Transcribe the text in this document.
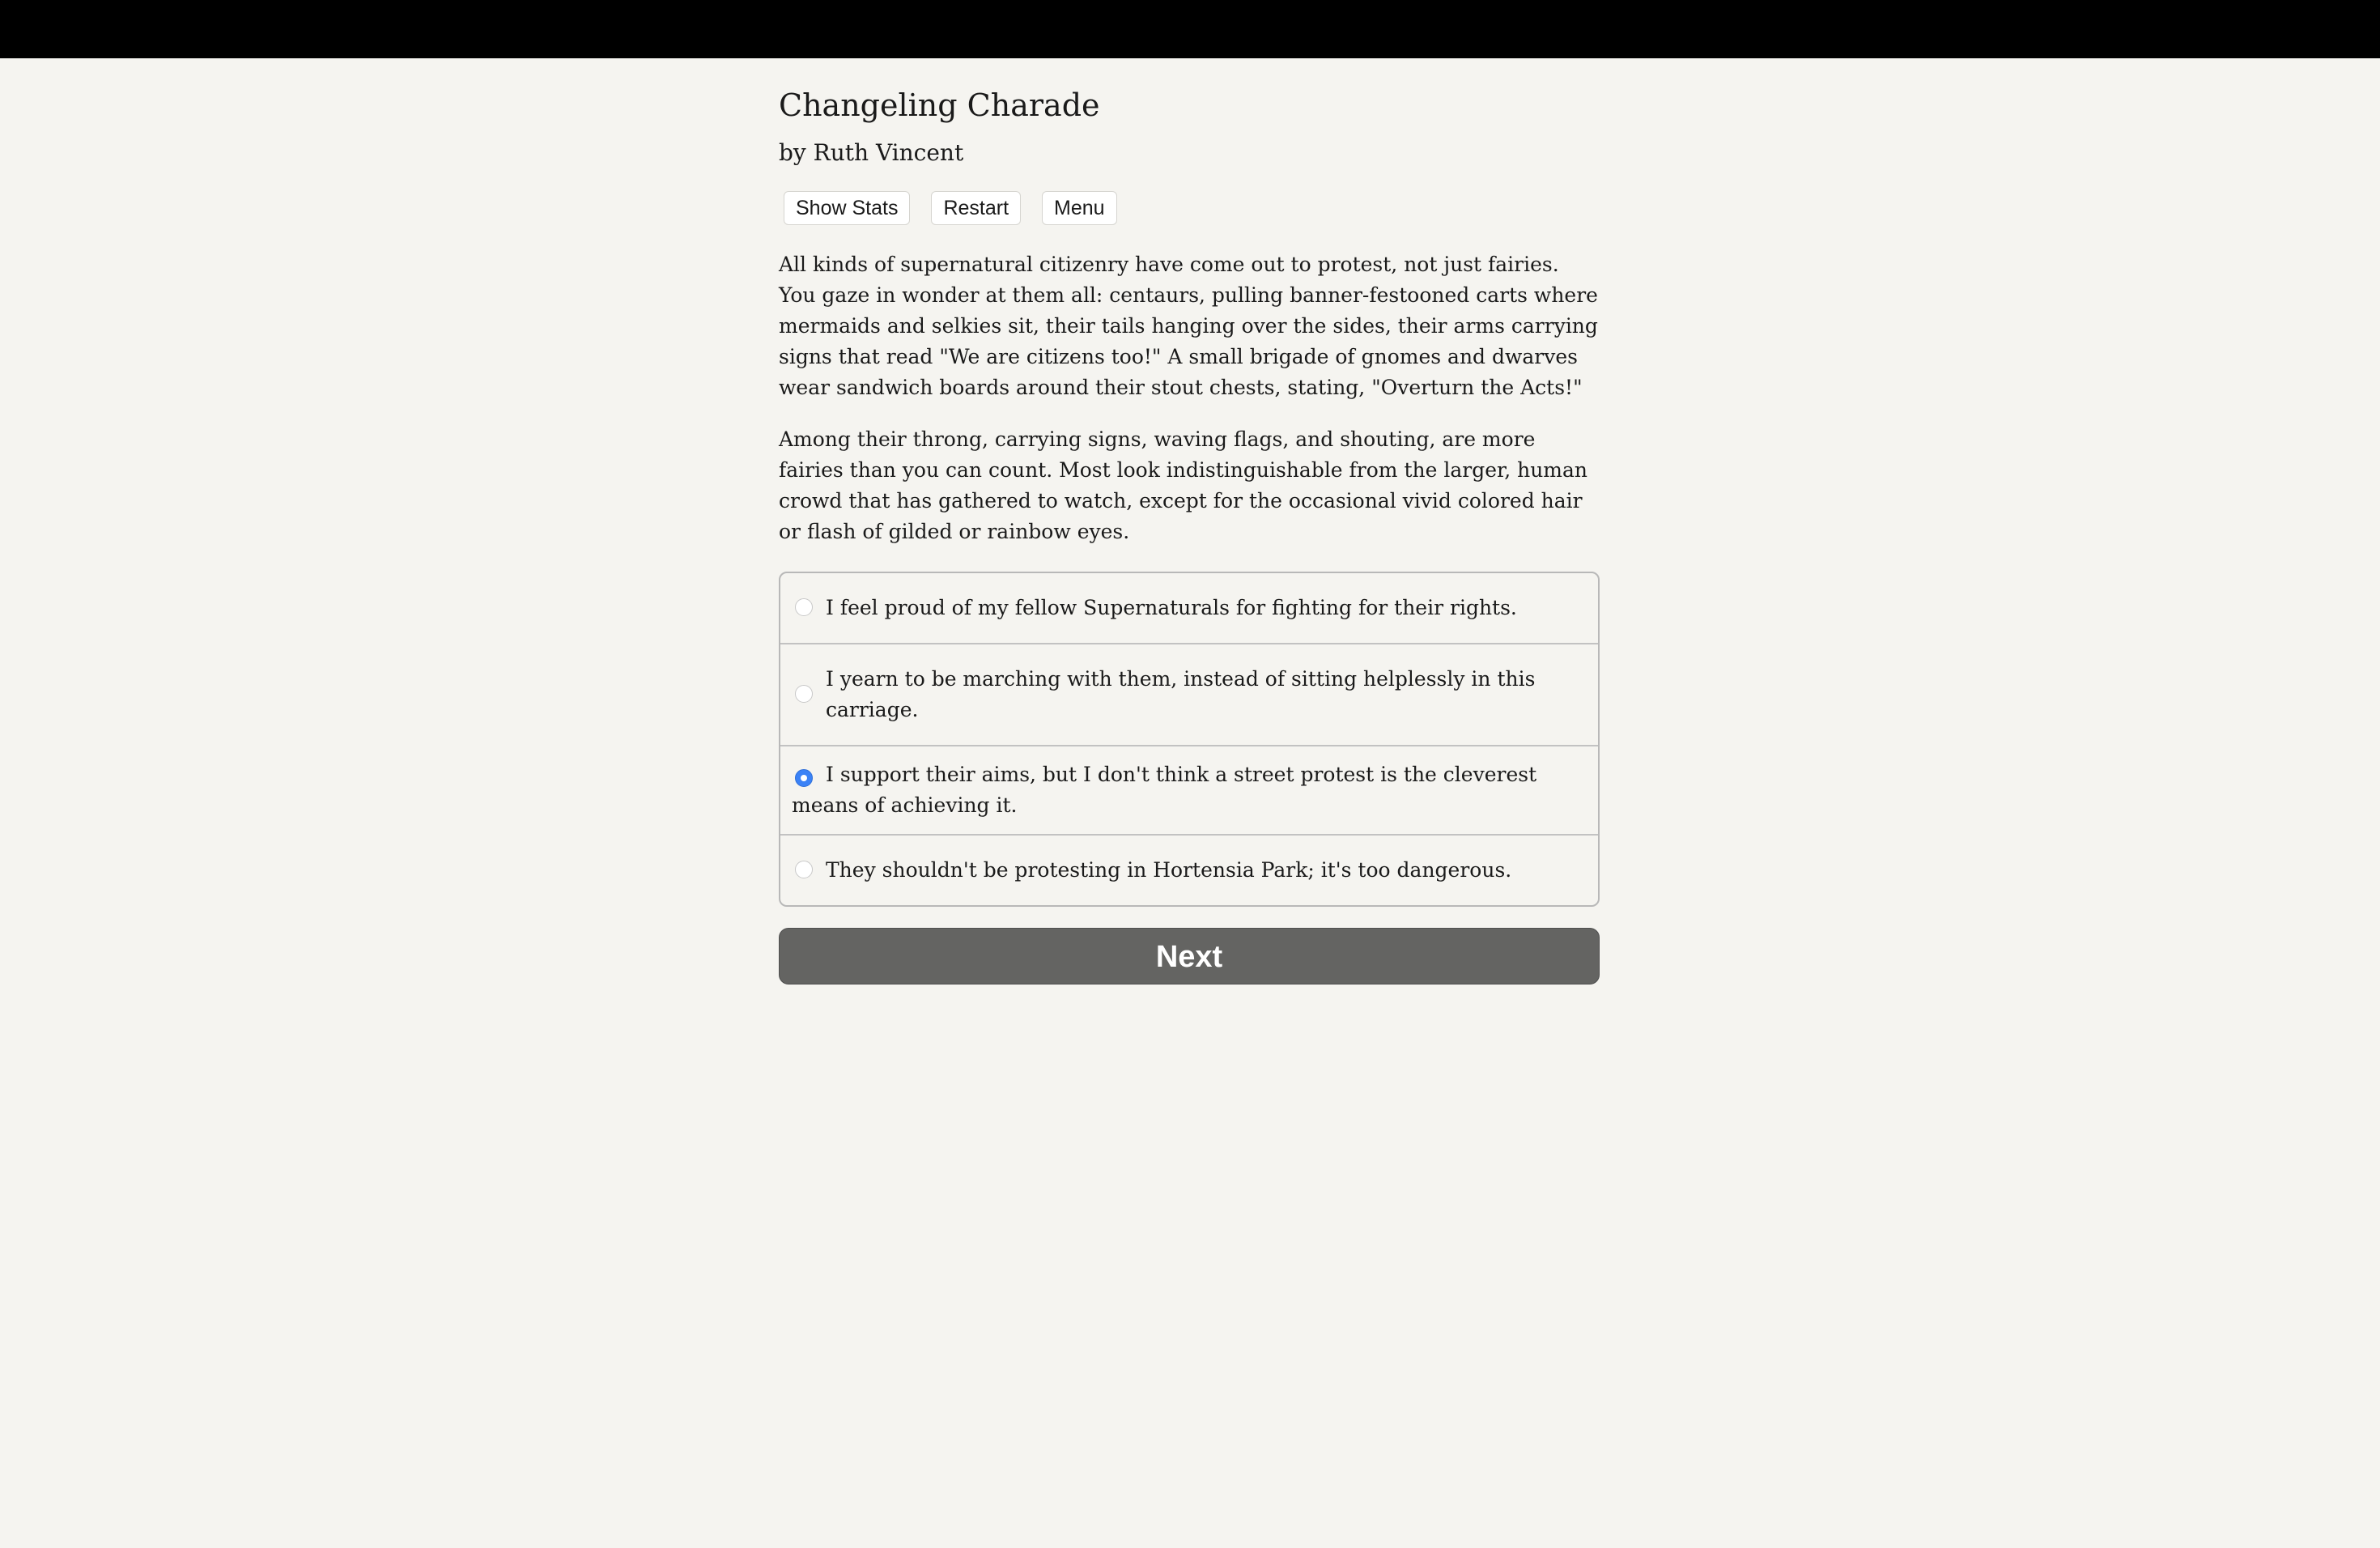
Changeling Charade
by Ruth Vincent
Show Stats	Restart	Menu

All kinds of supernatural citizenry have come out to protest, not just fairies. You gaze in wonder at them all: centaurs, pulling banner-festooned carts where mermaids and selkies sit, their tails hanging over the sides, their arms carrying signs that read "We are citizens too!" A small brigade of gnomes and dwarves wear sandwich boards around their stout chests, stating, "Overturn the Acts!"

Among their throng, carrying signs, waving flags, and shouting, are more fairies than you can count. Most look indistinguishable from the larger, human crowd that has gathered to watch, except for the occasional vivid colored hair or flash of gilded or rainbow eyes.

I feel proud of my fellow Supernaturals for fighting for their rights.
I yearn to be marching with them, instead of sitting helplessly in this carriage.
I support their aims, but I don't think a street protest is the cleverest means of achieving it.
They shouldn't be protesting in Hortensia Park; it's too dangerous.
Next
